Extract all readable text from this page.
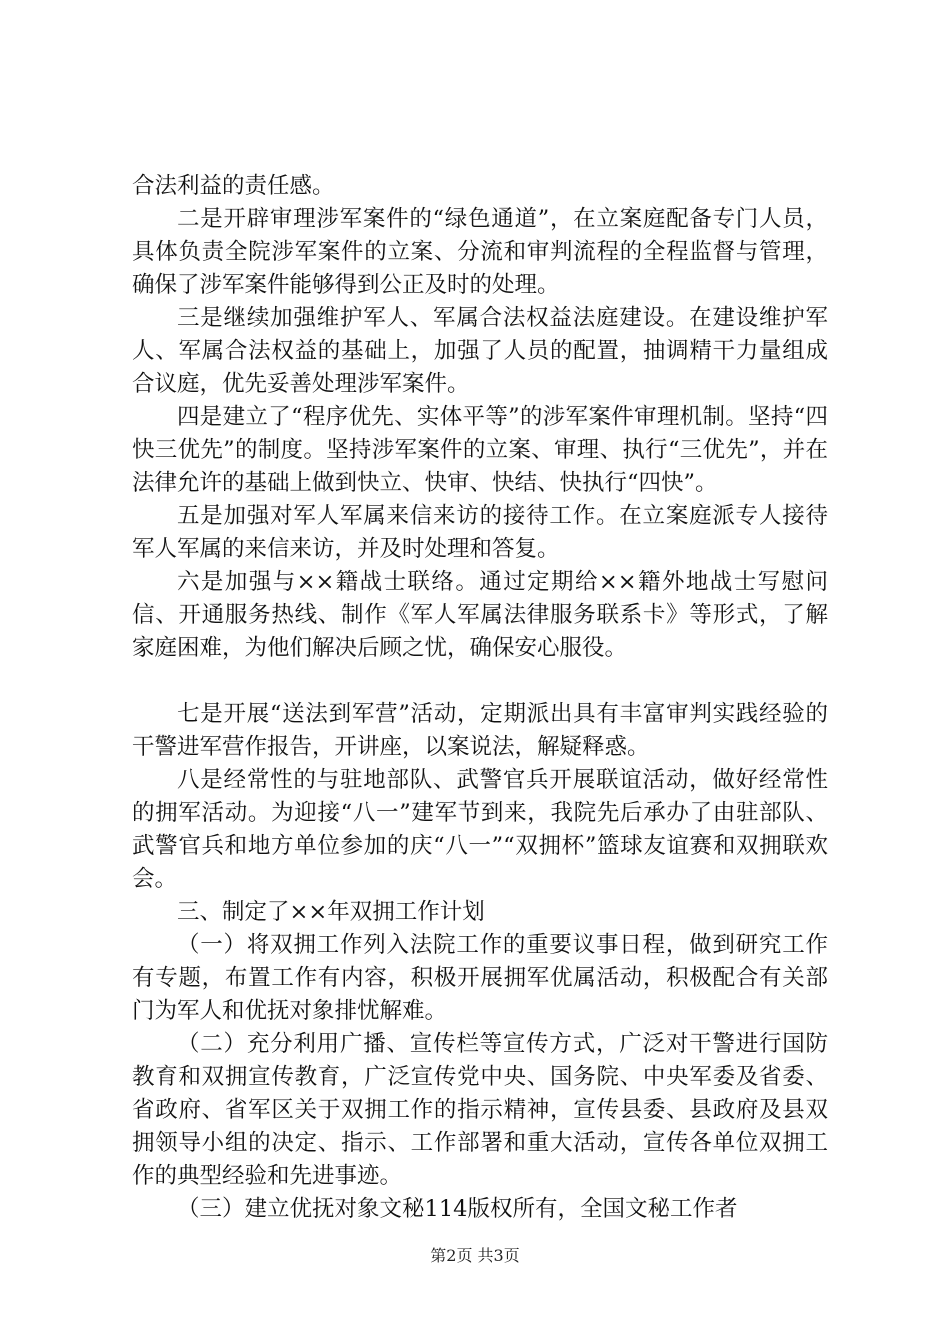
合法利益的责任感。

二是开辟审理涉军案件的“绿色通道”，在立案庭配备专门人员，具体负责全院涉军案件的立案、分流和审判流程的全程监督与管理，确保了涉军案件能够得到公正及时的处理。

三是继续加强维护军人、军属合法权益法庭建设。在建设维护军人、军属合法权益的基础上，加强了人员的配置，抽调精干力量组成合议庭，优先妥善处理涉军案件。

四是建立了“程序优先、实体平等”的涉军案件审理机制。坚持“四快三优先”的制度。坚持涉军案件的立案、审理、执行“三优先”，并在法律允许的基础上做到快立、快审、快结、快执行“四快”。

五是加强对军人军属来信来访的接待工作。在立案庭派专人接待军人军属的来信来访，并及时处理和答复。

六是加强与××籍战士联络。通过定期给××籍外地战士写慰问信、开通服务热线、制作《军人军属法律服务联系卡》等形式，了解家庭困难，为他们解决后顾之忧，确保安心服役。

七是开展“送法到军营”活动，定期派出具有丰富审判实践经验的干警进军营作报告，开讲座，以案说法，解疑释惑。

八是经常性的与驻地部队、武警官兵开展联谊活动，做好经常性的拥军活动。为迎接“八一”建军节到来，我院先后承办了由驻部队、武警官兵和地方单位参加的庆“八一”“双拥杯”篮球友谊赛和双拥联欢会。

三、制定了××年双拥工作计划

（一）将双拥工作列入法院工作的重要议事日程，做到研究工作有专题，布置工作有内容，积极开展拥军优属活动，积极配合有关部门为军人和优抚对象排忧解难。

（二）充分利用广播、宣传栏等宣传方式，广泛对干警进行国防教育和双拥宣传教育，广泛宣传党中央、国务院、中央军委及省委、省政府、省军区关于双拥工作的指示精神，宣传县委、县政府及县双拥领导小组的决定、指示、工作部署和重大活动，宣传各单位双拥工作的典型经验和先进事迹。

（三）建立优抚对象文秘114版权所有，全国文秘工作者

第2页 共3页
